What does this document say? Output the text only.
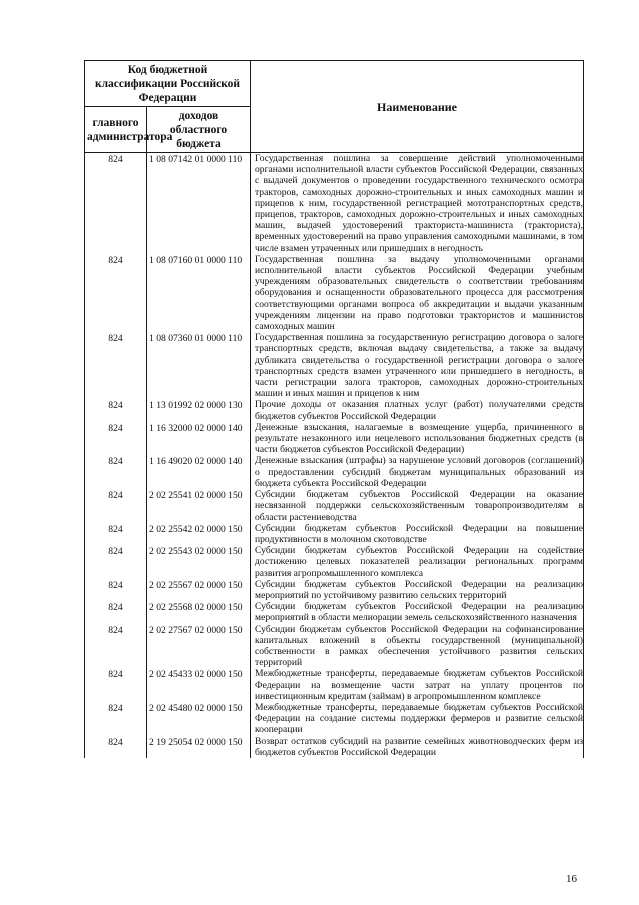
Код бюджетной классификации Российской Федерации		Наименование
главного администратора	доходов областного бюджета	
824	1 08 07142 01 0000 110	Государственная пошлина за совершение действий уполномоченными органами исполнительной власти субъектов Российской Федерации, связанных с выдачей документов о проведении государственного технического осмотра тракторов, самоходных дорожно-строительных и иных самоходных машин и прицепов к ним, государственной регистрацией мототранспортных средств, прицепов, тракторов, самоходных дорожно-строительных и иных самоходных машин, выдачей удостоверений тракториста-машиниста (тракториста), временных удостоверений на право управления самоходными машинами, в том числе взамен утраченных или пришедших в негодность
824	1 08 07160 01 0000 110	Государственная пошлина за выдачу уполномоченными органами исполнительной власти субъектов Российской Федерации учебным учреждениям образовательных свидетельств о соответствии требованиям оборудования и оснащенности образовательного процесса для рассмотрения соответствующими органами вопроса об аккредитации и выдачи указанным учреждениям лицензии на право подготовки трактористов и машинистов самоходных машин
824	1 08 07360 01 0000 110	Государственная пошлина за государственную регистрацию договора о залоге транспортных средств, включая выдачу свидетельства, а также за выдачу дубликата свидетельства о государственной регистрации договора о залоге транспортных средств взамен утраченного или пришедшего в негодность, в части регистрации залога тракторов, самоходных дорожно-строительных машин и иных машин и прицепов к ним
824	1 13 01992 02 0000 130	Прочие доходы от оказания платных услуг (работ) получателями средств бюджетов субъектов Российской Федерации
824	1 16 32000 02 0000 140	Денежные взыскания, налагаемые в возмещение ущерба, причиненного в результате незаконного или нецелевого использования бюджетных средств (в части бюджетов субъектов Российской Федерации)
824	1 16 49020 02 0000 140	Денежные взыскания (штрафы) за нарушение условий договоров (соглашений) о предоставлении субсидий бюджетам муниципальных образований из бюджета субъекта Российской Федерации
824	2 02 25541 02 0000 150	Субсидии бюджетам субъектов Российской Федерации на оказание несвязанной поддержки сельскохозяйственным товаропроизводителям в области растениеводства
824	2 02 25542 02 0000 150	Субсидии бюджетам субъектов Российской Федерации на повышение продуктивности в молочном скотоводстве
824	2 02 25543 02 0000 150	Субсидии бюджетам субъектов Российской Федерации на содействие достижению целевых показателей реализации региональных программ развития агропромышленного комплекса
824	2 02 25567 02 0000 150	Субсидии бюджетам субъектов Российской Федерации на реализацию мероприятий по устойчивому развитию сельских территорий
824	2 02 25568 02 0000 150	Субсидии бюджетам субъектов Российской Федерации на реализацию мероприятий в области мелиорации земель сельскохозяйственного назначения
824	2 02 27567 02 0000 150	Субсидии бюджетам субъектов Российской Федерации на софинансирование капитальных вложений в объекты государственной (муниципальной) собственности в рамках обеспечения устойчивого развития сельских территорий
824	2 02 45433 02 0000 150	Межбюджетные трансферты, передаваемые бюджетам субъектов Российской Федерации на возмещение части затрат на уплату процентов по инвестиционным кредитам (займам) в агропромышленном комплексе
824	2 02 45480 02 0000 150	Межбюджетные трансферты, передаваемые бюджетам субъектов Российской Федерации на создание системы поддержки фермеров и развитие сельской кооперации
824	2 19 25054 02 0000 150	Возврат остатков субсидий на развитие семейных животноводческих ферм из бюджетов субъектов Российской Федерации
16
